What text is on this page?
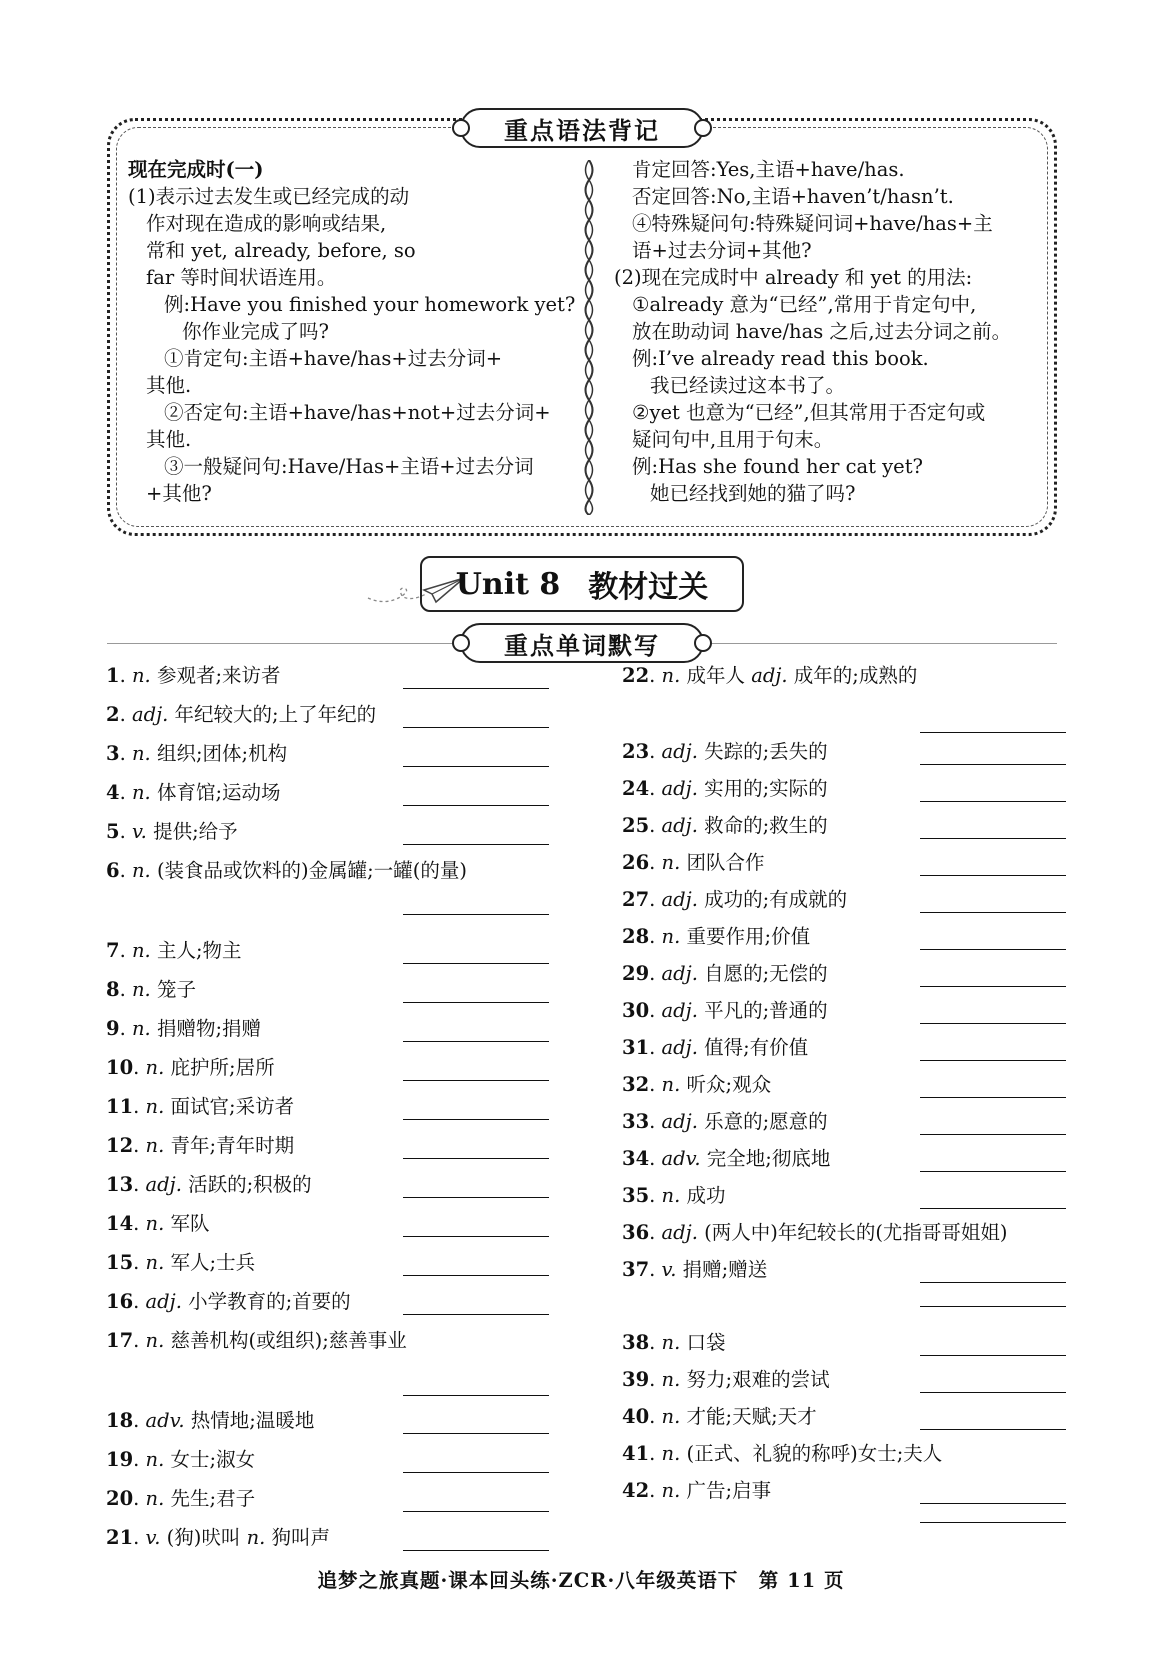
重点语法背记
现在完成时(一)
(1)表示过去发生或已经完成的动
作对现在造成的影响或结果,
常和 yet, already, before, so
far 等时间状语连用。
例:Have you finished your homework yet?
你作业完成了吗?
①肯定句:主语+have/has+过去分词+
其他.
②否定句:主语+have/has+not+过去分词+
其他.
③一般疑问句:Have/Has+主语+过去分词
+其他?
肯定回答:Yes,主语+have/has.
否定回答:No,主语+haven’t/hasn’t.
④特殊疑问句:特殊疑问词+have/has+主
语+过去分词+其他?
(2)现在完成时中 already 和 yet 的用法:
①already 意为“已经”,常用于肯定句中,
放在助动词 have/has 之后,过去分词之前。
例:I’ve already read this book.
我已经读过这本书了。
②yet 也意为“已经”,但其常用于否定句或
疑问句中,且用于句末。
例:Has she found her cat yet?
她已经找到她的猫了吗?
Unit 8 教材过关
重点单词默写
1. n. 参观者;来访者
2. adj. 年纪较大的;上了年纪的
3. n. 组织;团体;机构
4. n. 体育馆;运动场
5. v. 提供;给予
6. n. (装食品或饮料的)金属罐;一罐(的量)
7. n. 主人;物主
8. n. 笼子
9. n. 捐赠物;捐赠
10. n. 庇护所;居所
11. n. 面试官;采访者
12. n. 青年;青年时期
13. adj. 活跃的;积极的
14. n. 军队
15. n. 军人;士兵
16. adj. 小学教育的;首要的
17. n. 慈善机构(或组织);慈善事业
18. adv. 热情地;温暖地
19. n. 女士;淑女
20. n. 先生;君子
21. v. (狗)吠叫 n. 狗叫声
22. n. 成年人 adj. 成年的;成熟的
23. adj. 失踪的;丢失的
24. adj. 实用的;实际的
25. adj. 救命的;救生的
26. n. 团队合作
27. adj. 成功的;有成就的
28. n. 重要作用;价值
29. adj. 自愿的;无偿的
30. adj. 平凡的;普通的
31. adj. 值得;有价值
32. n. 听众;观众
33. adj. 乐意的;愿意的
34. adv. 完全地;彻底地
35. n. 成功
36. adj. (两人中)年纪较长的(尤指哥哥姐姐)
37. v. 捐赠;赠送
38. n. 口袋
39. n. 努力;艰难的尝试
40. n. 才能;天赋;天才
41. n. (正式、礼貌的称呼)女士;夫人
42. n. 广告;启事
追梦之旅真题·课本回头练·ZCR·八年级英语下　第 11 页
